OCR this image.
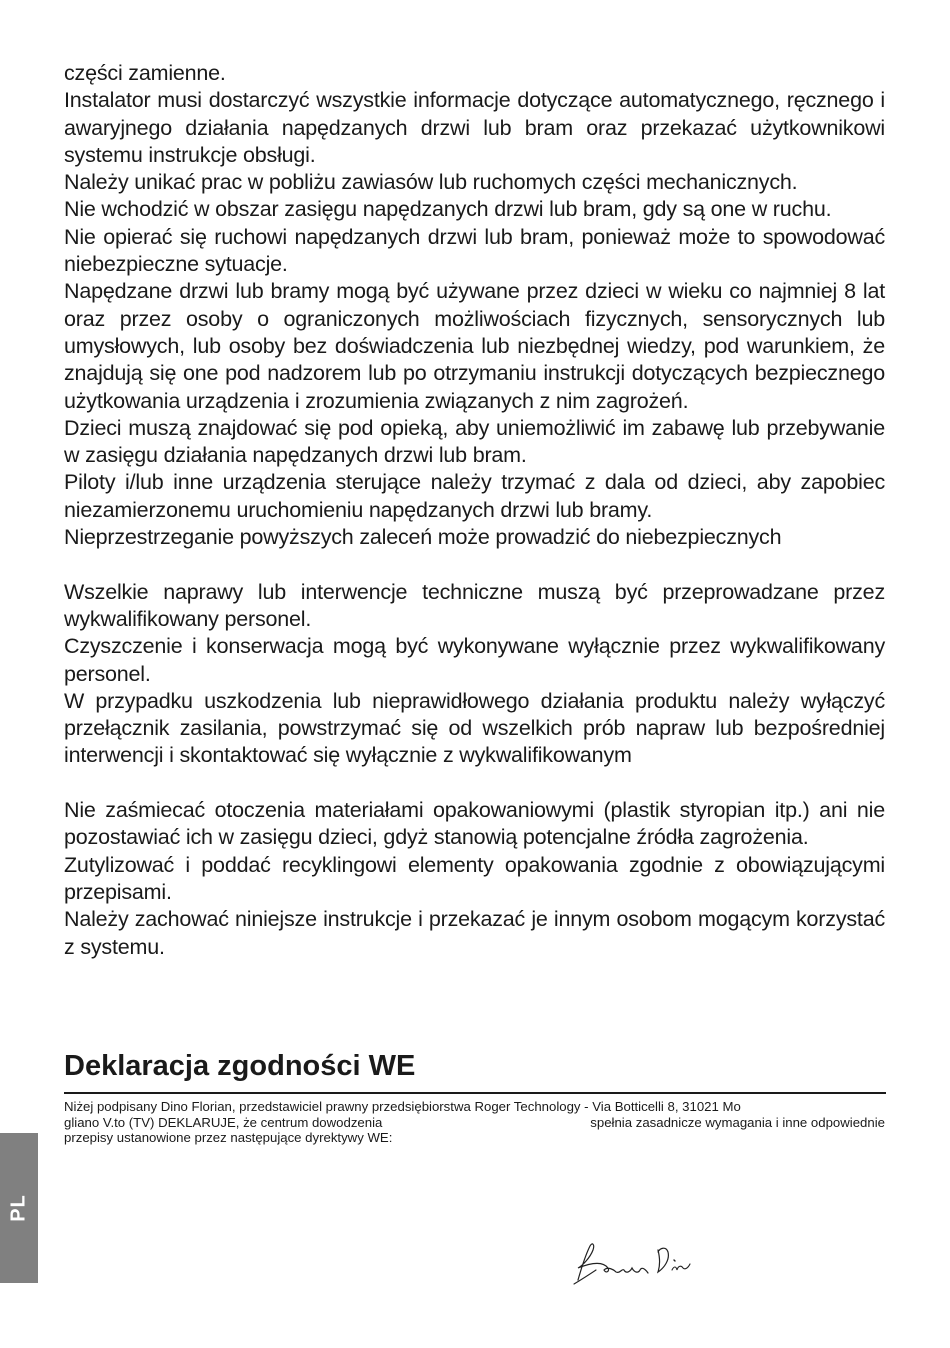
części zamienne.

Instalator musi dostarczyć wszystkie informacje dotyczące automatycznego, ręcznego i awaryjnego działania napędzanych drzwi lub bram oraz przekazać użytkownikowi systemu instrukcje obsługi.

Należy unikać prac w pobliżu zawiasów lub ruchomych części mechanicznych.

Nie wchodzić w obszar zasięgu napędzanych drzwi lub bram, gdy są one w ruchu.

Nie opierać się ruchowi napędzanych drzwi lub bram, ponieważ może to spowodować niebezpieczne sytuacje.

Napędzane drzwi lub bramy mogą być używane przez dzieci w wieku co najmniej 8 lat oraz przez osoby o ograniczonych możliwościach fizycznych, sensorycznych lub umysłowych, lub osoby bez doświadczenia lub niezbędnej wiedzy, pod warunkiem, że znajdują się one pod nadzorem lub po otrzymaniu instrukcji dotyczących bezpiecznego użytkowania urządzenia i zrozumienia związanych z nim zagrożeń.

Dzieci muszą znajdować się pod opieką, aby uniemożliwić im zabawę lub przebywanie w zasięgu działania napędzanych drzwi lub bram.

Piloty i/lub inne urządzenia sterujące należy trzymać z dala od dzieci, aby zapobiec niezamierzonemu uruchomieniu napędzanych drzwi lub bramy.

Nieprzestrzeganie powyższych zaleceń może prowadzić do niebezpiecznych

Wszelkie naprawy lub interwencje techniczne muszą być przeprowadzane przez wykwalifikowany personel.

Czyszczenie i konserwacja mogą być wykonywane wyłącznie przez wykwalifikowany personel.

W przypadku uszkodzenia lub nieprawidłowego działania produktu należy wyłączyć przełącznik zasilania, powstrzymać się od wszelkich prób napraw lub bezpośredniej interwencji i skontaktować się wyłącznie z wykwalifikowanym

Nie zaśmiecać otoczenia materiałami opakowaniowymi (plastik styropian itp.) ani nie pozostawiać ich w zasięgu dzieci, gdyż stanowią potencjalne źródła zagrożenia.

Zutylizować i poddać recyklingowi elementy opakowania zgodnie z obowiązującymi przepisami.

Należy zachować niniejsze instrukcje i przekazać je innym osobom mogącym korzystać z systemu.

Deklaracja zgodności WE
Niżej podpisany Dino Florian, przedstawiciel prawny przedsiębiorstwa Roger Technology - Via Botticelli 8, 31021 Mo
gliano V.to (TV) DEKLARUJE, że centrum dowodzenia	spełnia zasadnicze wymagania i inne odpowiednie
przepisy ustanowione przez następujące dyrektywy WE:
PL
